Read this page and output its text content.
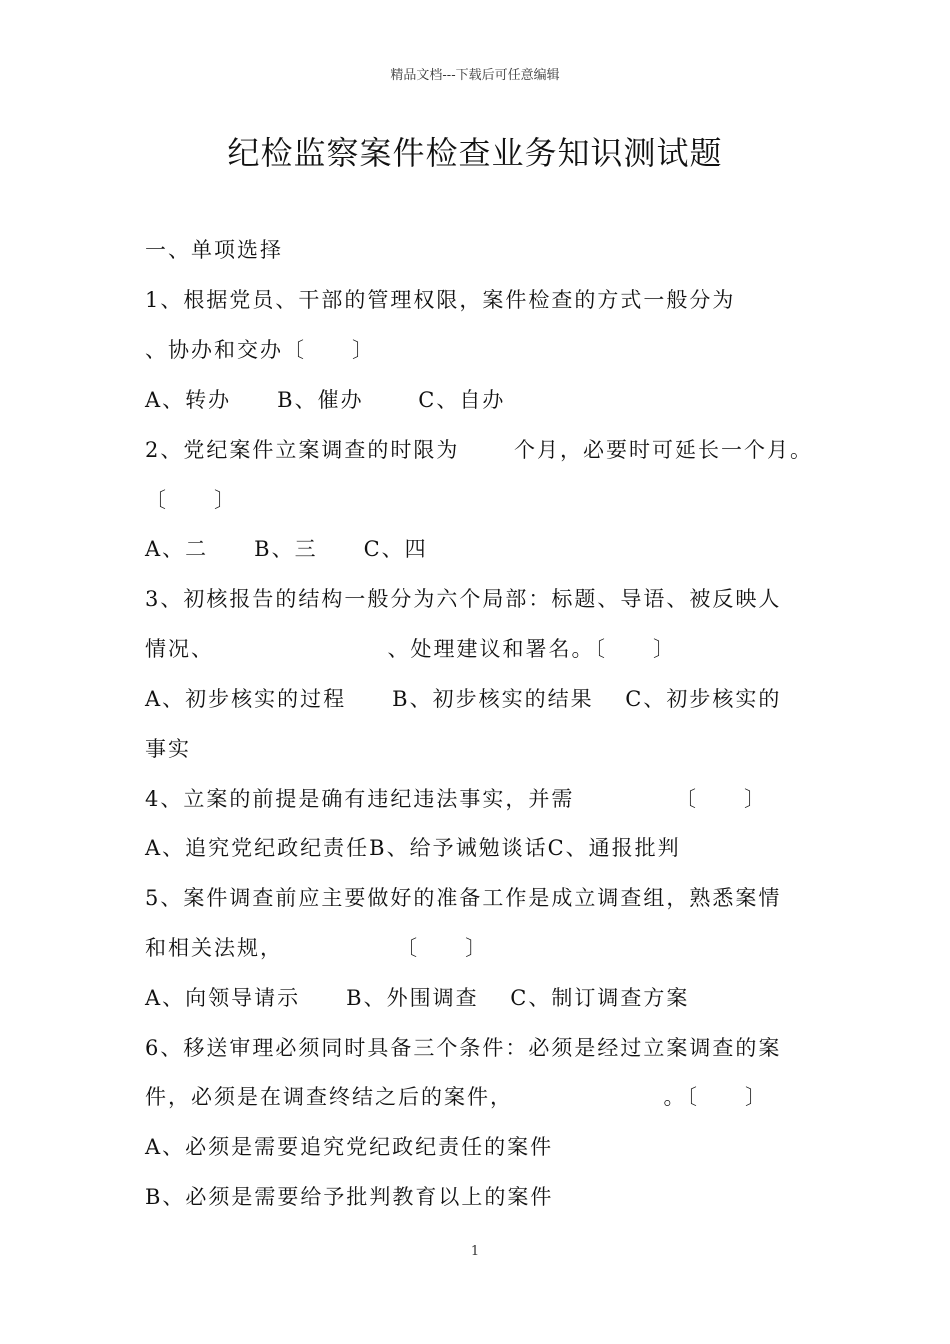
精品文档---下载后可任意编辑
纪检监察案件检查业务知识测试题
一、单项选择
1、根据党员、干部的管理权限，案件检查的方式一般分为
、协办和交办〔　　〕
A、转办　　B、催办　　 C、自办
2、党纪案件立案调查的时限为　　 个月，必要时可延长一个月。
〔　　〕
A、二　　B、三　　C、四
3、初核报告的结构一般分为六个局部：标题、导语、被反映人
情况、　　　　　　　　、处理建议和署名。〔　　〕
A、初步核实的过程　　B、初步核实的结果　 C、初步核实的
事实
4、立案的前提是确有违纪违法事实，并需　　　　 〔　　〕
A、追究党纪政纪责任B、给予诫勉谈话C、通报批判
5、案件调查前应主要做好的准备工作是成立调查组，熟悉案情
和相关法规，　　　　　 〔　　〕
A、向领导请示　　B、外围调查　 C、制订调查方案
6、移送审理必须同时具备三个条件：必须是经过立案调查的案
件，必须是在调查终结之后的案件，　　　　　　　。〔　　〕
A、必须是需要追究党纪政纪责任的案件
B、必须是需要给予批判教育以上的案件
1
